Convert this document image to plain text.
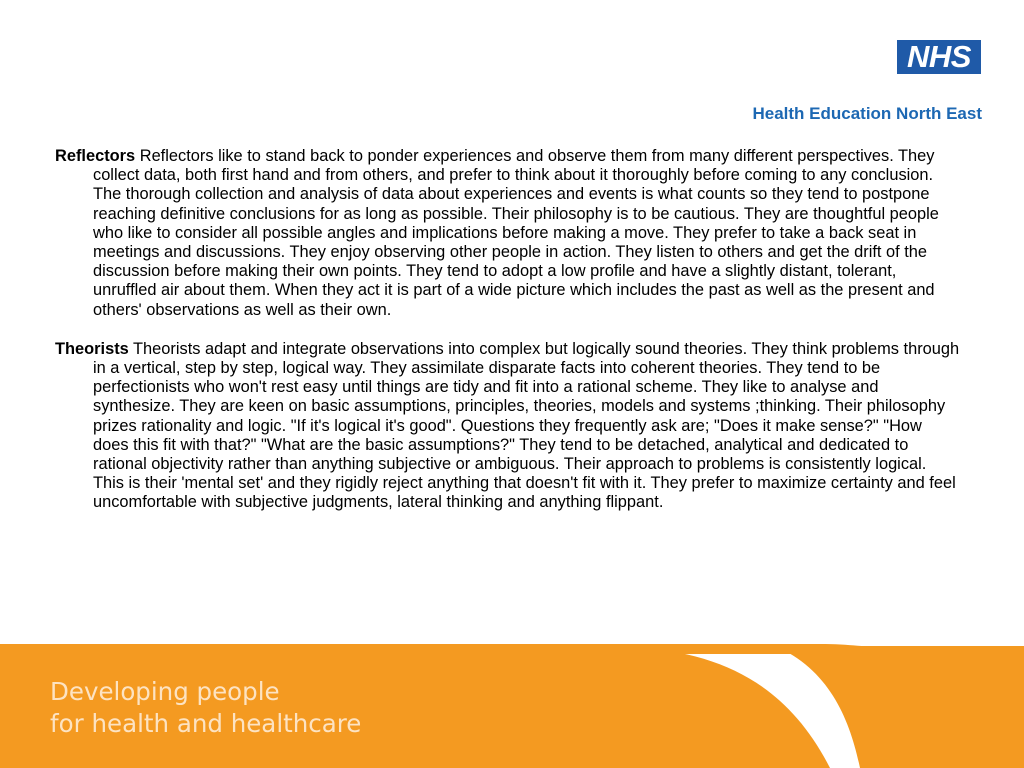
NHS
Health Education North East

Reflectors Reflectors like to stand back to ponder experiences and observe them from many different perspectives. They collect data, both first hand and from others, and prefer to think about it thoroughly before coming to any conclusion. The thorough collection and analysis of data about experiences and events is what counts so they tend to postpone reaching definitive conclusions for as long as possible. Their philosophy is to be cautious. They are thoughtful people who like to consider all possible angles and implications before making a move. They prefer to take a back seat in meetings and discussions. They enjoy observing other people in action. They listen to others and get the drift of the discussion before making their own points. They tend to adopt a low profile and have a slightly distant, tolerant, unruffled air about them. When they act it is part of a wide picture which includes the past as well as the present and others' observations as well as their own.

Theorists Theorists adapt and integrate observations into complex but logically sound theories. They think problems through in a vertical, step by step, logical way. They assimilate disparate facts into coherent theories. They tend to be perfectionists who won't rest easy until things are tidy and fit into a rational scheme. They like to analyse and synthesize. They are keen on basic assumptions, principles, theories, models and systems ;thinking. Their philosophy prizes rationality and logic. "If it's logical it's good". Questions they frequently ask are; "Does it make sense?" "How does this fit with that?" "What are the basic assumptions?" They tend to be detached, analytical and dedicated to rational objectivity rather than anything subjective or ambiguous. Their approach to problems is consistently logical. This is their 'mental set' and they rigidly reject anything that doesn't fit with it. They prefer to maximize certainty and feel uncomfortable with subjective judgments, lateral thinking and anything flippant.

Developing people
for health and healthcare
